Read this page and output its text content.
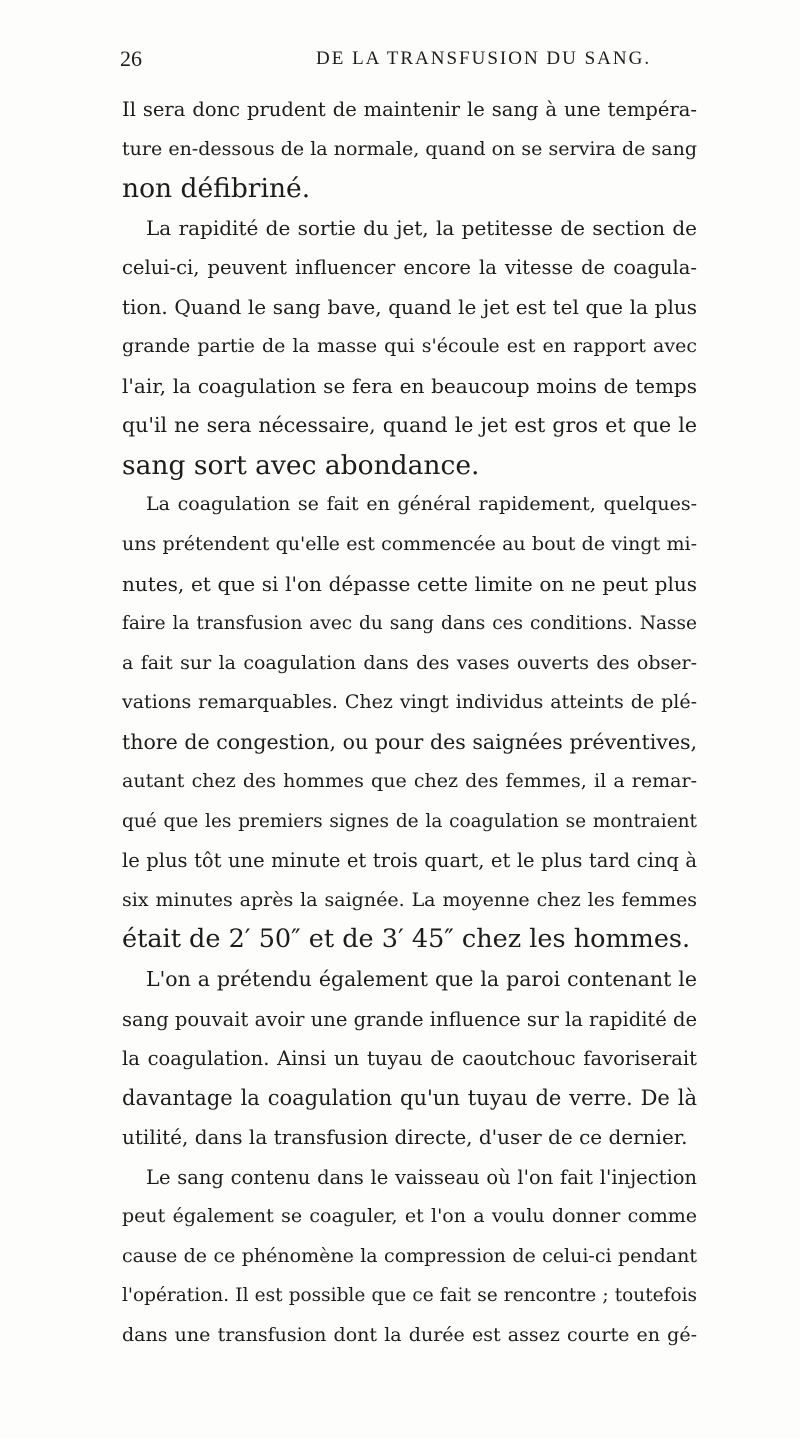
26	DE LA TRANSFUSION DU SANG.
Il sera donc prudent de maintenir le sang à une tempéra-
ture en-dessous de la normale, quand on se servira de sang
non défibriné.
La rapidité de sortie du jet, la petitesse de section de
celui-ci, peuvent influencer encore la vitesse de coagula-
tion. Quand le sang bave, quand le jet est tel que la plus
grande partie de la masse qui s'écoule est en rapport avec
l'air, la coagulation se fera en beaucoup moins de temps
qu'il ne sera nécessaire, quand le jet est gros et que le
sang sort avec abondance.
La coagulation se fait en général rapidement, quelques-
uns prétendent qu'elle est commencée au bout de vingt mi-
nutes, et que si l'on dépasse cette limite on ne peut plus
faire la transfusion avec du sang dans ces conditions. Nasse
a fait sur la coagulation dans des vases ouverts des obser-
vations remarquables. Chez vingt individus atteints de plé-
thore de congestion, ou pour des saignées préventives,
autant chez des hommes que chez des femmes, il a remar-
qué que les premiers signes de la coagulation se montraient
le plus tôt une minute et trois quart, et le plus tard cinq à
six minutes après la saignée. La moyenne chez les femmes
était de 2′ 50″ et de 3′ 45″ chez les hommes.
L'on a prétendu également que la paroi contenant le
sang pouvait avoir une grande influence sur la rapidité de
la coagulation. Ainsi un tuyau de caoutchouc favoriserait
davantage la coagulation qu'un tuyau de verre. De là
utilité, dans la transfusion directe, d'user de ce dernier.
Le sang contenu dans le vaisseau où l'on fait l'injection
peut également se coaguler, et l'on a voulu donner comme
cause de ce phénomène la compression de celui-ci pendant
l'opération. Il est possible que ce fait se rencontre ; toutefois
dans une transfusion dont la durée est assez courte en gé-
